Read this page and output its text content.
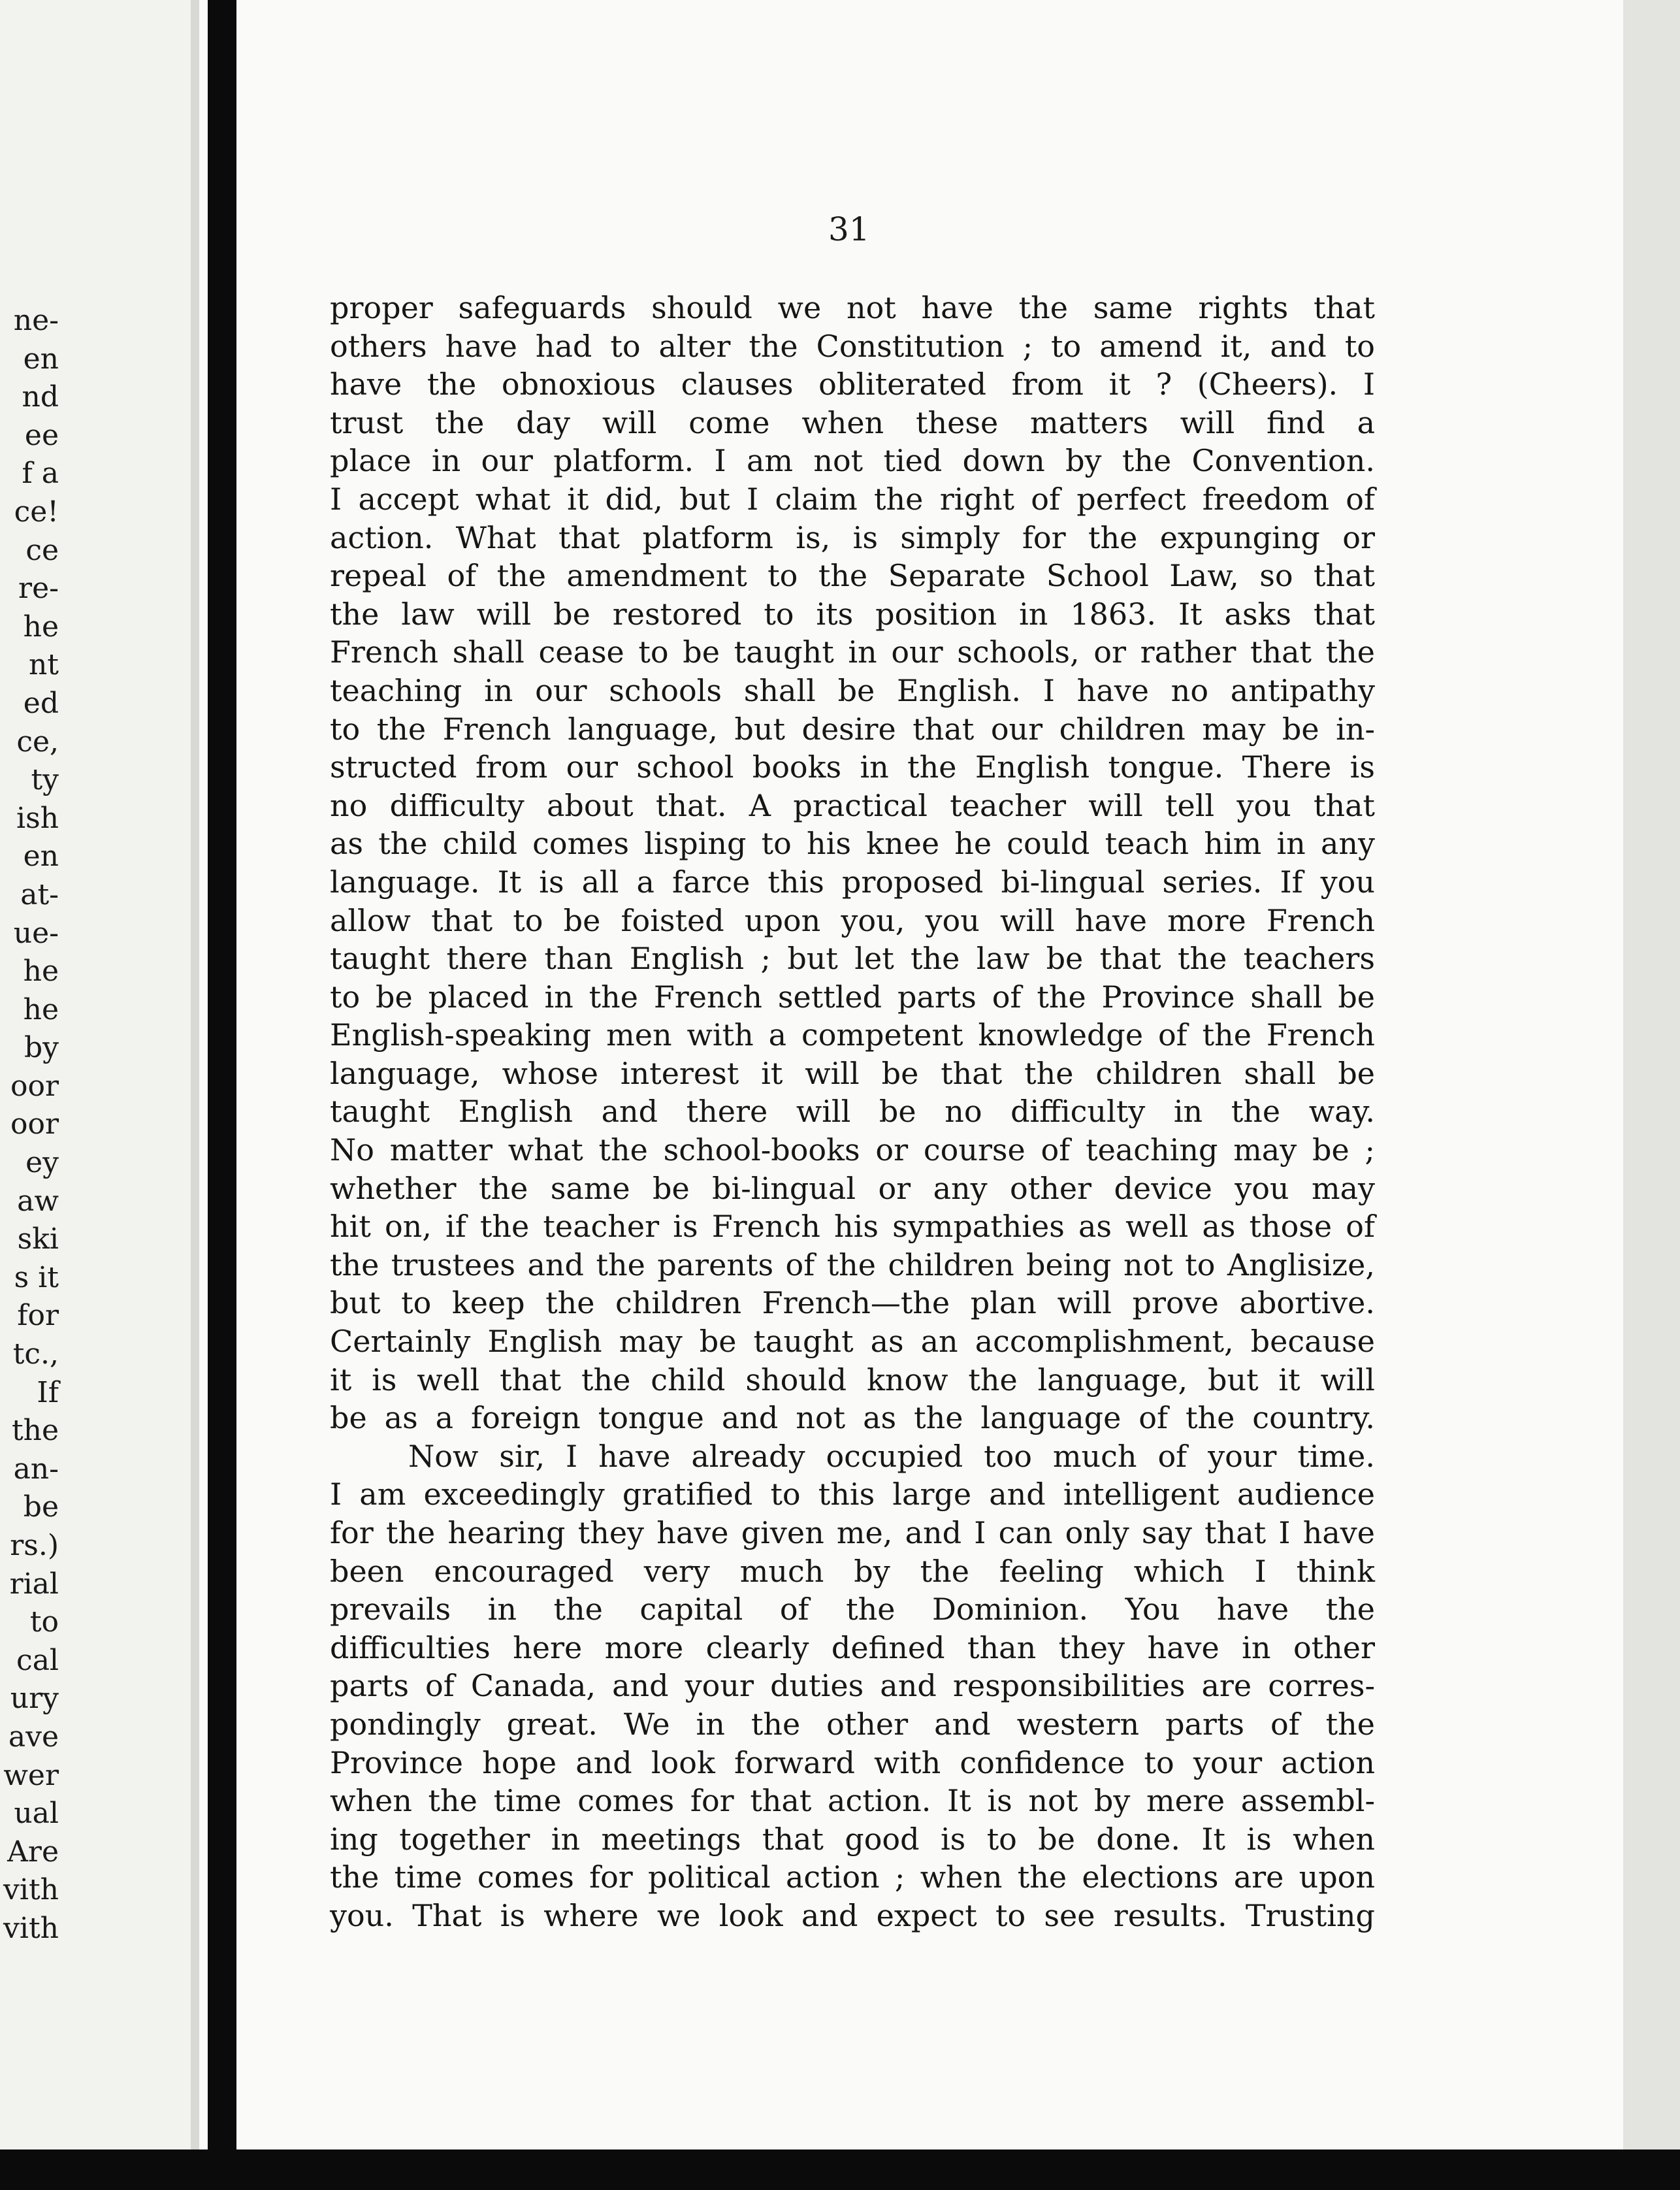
ne-
en
nd
ee
f a
ce!
ce
re-
he
nt
ed
ce,
ty
ish
en
at-
ue-
he
he
by
oor
oor
ey
aw
ski
s it
for
tc.,
If
the
an-
be
rs.)
rial
to
cal
ury
ave
wer
ual
Are
vith
vith
31
proper safeguards should we not have the same rights that
others have had to alter the Constitution ; to amend it, and to
have the obnoxious clauses obliterated from it ? (Cheers). I
trust the day will come when these matters will find a
place in our platform. I am not tied down by the Convention.
I accept what it did, but I claim the right of perfect freedom of
action. What that platform is, is simply for the expunging or
repeal of the amendment to the Separate School Law, so that
the law will be restored to its position in 1863. It asks that
French shall cease to be taught in our schools, or rather that the
teaching in our schools shall be English. I have no antipathy
to the French language, but desire that our children may be in-
structed from our school books in the English tongue. There is
no difficulty about that. A practical teacher will tell you that
as the child comes lisping to his knee he could teach him in any
language. It is all a farce this proposed bi-lingual series. If you
allow that to be foisted upon you, you will have more French
taught there than English ; but let the law be that the teachers
to be placed in the French settled parts of the Province shall be
English-speaking men with a competent knowledge of the French
language, whose interest it will be that the children shall be
taught English and there will be no difficulty in the way.
No matter what the school-books or course of teaching may be ;
whether the same be bi-lingual or any other device you may
hit on, if the teacher is French his sympathies as well as those of
the trustees and the parents of the children being not to Anglisize,
but to keep the children French—the plan will prove abortive.
Certainly English may be taught as an accomplishment, because
it is well that the child should know the language, but it will
be as a foreign tongue and not as the language of the country.
Now sir, I have already occupied too much of your time.
I am exceedingly gratified to this large and intelligent audience
for the hearing they have given me, and I can only say that I have
been encouraged very much by the feeling which I think
prevails in the capital of the Dominion. You have the
difficulties here more clearly defined than they have in other
parts of Canada, and your duties and responsibilities are corres-
pondingly great. We in the other and western parts of the
Province hope and look forward with confidence to your action
when the time comes for that action. It is not by mere assembl-
ing together in meetings that good is to be done. It is when
the time comes for political action ; when the elections are upon
you. That is where we look and expect to see results. Trusting
